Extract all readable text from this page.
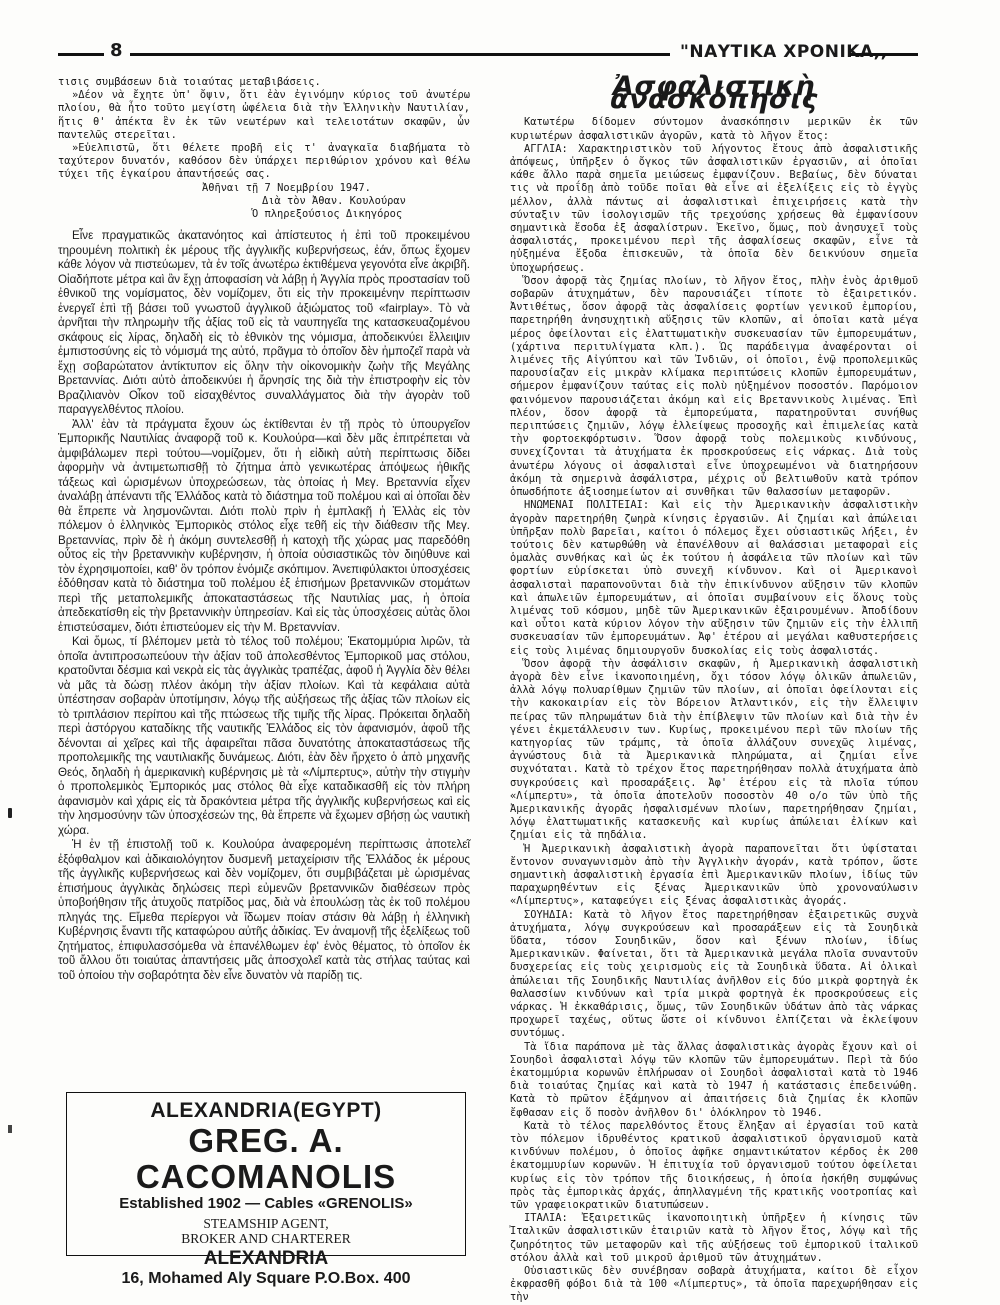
8	"ΝΑΥΤΙΚΑ ΧΡΟΝΙΚΑ,,

τισις συμβάσεων διὰ τοιαύτας μεταβιβάσεις.

»Δέον νὰ ἔχητε ὑπ' ὄψιν, ὅτι ἐὰν ἐγινόμην κύριος τοῦ ἀνωτέρω πλοίου, θὰ ἦτο τοῦτο μεγίστη ὠφέλεια διὰ τὴν Ἑλληνικὴν Ναυτιλίαν, ἥτις θ' ἀπέκτα ἓν ἐκ τῶν νεωτέρων καὶ τελειοτάτων σκαφῶν, ὧν παντελῶς στερεῖται.

»Εὐελπιστῶ, ὅτι θέλετε προβῆ εἰς τ' ἀναγκαῖα διαβήματα τὸ ταχύτερον δυνατόν, καθόσον δὲν ὑπάρχει περιθώριον χρόνου καὶ θέλω τύχει τῆς ἐγκαίρου ἀπαντήσεώς σας.

Ἀθῆναι τῇ 7 Νοεμβρίου 1947.

Διὰ τὸν Ἀθαν. Κουλούραν

Ὁ πληρεξούσιος Δικηγόρος

Εἶνε πραγματικῶς ἀκατανόητος καὶ ἀπίστευτος ἡ ἐπὶ τοῦ προκειμένου τηρουμένη πολιτικὴ ἐκ μέρους τῆς ἀγγλικῆς κυβερνήσεως, ἐάν, ὅπως ἔχομεν κάθε λόγον νὰ πιστεύωμεν, τὰ ἐν τοῖς ἀνωτέρω ἐκτιθέμενα γεγονότα εἶνε ἀκριβῆ. Οἱαδήποτε μέτρα καὶ ἂν ἔχῃ ἀποφασίση νὰ λάβῃ ἡ Ἀγγλία πρὸς προστασίαν τοῦ ἐθνικοῦ της νομίσματος, δὲν νομίζομεν, ὅτι εἰς τὴν προκειμένην περίπτωσιν ἐνεργεῖ ἐπὶ τῇ βάσει τοῦ γνωστοῦ ἀγγλικοῦ ἀξιώματος τοῦ «fairplay». Τὸ νὰ ἀρνῆται τὴν πληρωμὴν τῆς ἀξίας τοῦ εἰς τὰ ναυπηγεῖα της κατασκευαζομένου σκάφους εἰς λίρας, δηλαδὴ εἰς τὸ ἐθνικὸν της νόμισμα, ἀποδεικνύει ἔλλειψιν ἐμπιστοσύνης εἰς τὸ νόμισμά της αὐτό, πρᾶγμα τὸ ὁποῖον δὲν ἠμποζεῖ παρὰ νὰ ἔχῃ σοβαρώτατον ἀντίκτυπον εἰς ὅλην τὴν οἰκονομικὴν ζωὴν τῆς Μεγάλης Βρεταννίας. Διότι αὐτὸ ἀποδεικνύει ἡ ἄρνησίς της διὰ τὴν ἐπιστροφὴν εἰς τὸν Βραζιλιανὸν Οἶκον τοῦ εἰσαχθέντος συναλλάγματος διὰ τὴν ἀγορὰν τοῦ παραγγελθέντος πλοίου.

Ἀλλ' ἐὰν τὰ πράγματα ἔχουν ὡς ἐκτίθενται ἐν τῇ πρὸς τὸ ὑπουργεῖον Ἐμπορικῆς Ναυτιλίας ἀναφορᾷ τοῦ κ. Κουλούρα—καὶ δὲν μᾶς ἐπιτρέπεται νὰ ἀμφιβάλωμεν περὶ τούτου—νομίζομεν, ὅτι ἡ εἰδικὴ αὐτὴ περίπτωσις δίδει ἀφορμὴν νὰ ἀντιμετωπισθῇ τὸ ζήτημα ἀπὸ γενικωτέρας ἀπόψεως ἠθικῆς τάξεως καὶ ὡρισμένων ὑποχρεώσεων, τὰς ὁποίας ἡ Μεγ. Βρεταννία εἶχεν ἀναλάβῃ ἀπέναντι τῆς Ἑλλάδος κατὰ τὸ διάστημα τοῦ πολέμου καὶ αἱ ὁποῖαι δὲν θὰ ἔπρεπε νὰ λησμονῶνται. Διότι πολὺ πρὶν ἡ ἐμπλακῇ ἡ Ἑλλὰς εἰς τὸν πόλεμον ὁ ἑλληνικὸς Ἐμπορικὸς στόλος εἶχε τεθῆ εἰς τὴν διάθεσιν τῆς Μεγ. Βρεταννίας, πρὶν δὲ ἡ ἀκόμη συντελεσθῇ ἡ κατοχὴ τῆς χώρας μας παρεδόθη οὗτος εἰς τὴν βρεταννικὴν κυβέρνησιν, ἡ ὁποία οὐσιαστικῶς τὸν διηύθυνε καὶ τὸν ἐχρησιμοποίει, καθ' ὃν τρόπον ἐνόμιζε σκόπιμον. Ἀνεπιφύλακτοι ὑποσχέσεις ἐδόθησαν κατὰ τὸ διάστημα τοῦ πολέμου ἐξ ἐπισήμων βρεταννικῶν στομάτων περὶ τῆς μεταπολεμικῆς ἀποκαταστάσεως τῆς Ναυτιλίας μας, ἡ ὁποία ἀπεδεκατίσθη εἰς τὴν βρεταννικὴν ὑπηρεσίαν. Καὶ εἰς τὰς ὑποσχέσεις αὐτὰς ὅλοι ἐπιστεύσαμεν, διότι ἐπιστεύομεν εἰς τὴν Μ. Βρεταννίαν.

Καὶ ὅμως, τί βλέπομεν μετὰ τὸ τέλος τοῦ πολέμου; Ἑκατομμύρια λιρῶν, τὰ ὁποῖα ἀντιπροσωπεύουν τὴν ἀξίαν τοῦ ἀπολεσθέντος Ἐμπορικοῦ μας στόλου, κρατοῦνται δέσμια καὶ νεκρὰ εἰς τὰς ἀγγλικὰς τραπέζας, ἀφοῦ ἡ Ἀγγλία δὲν θέλει νὰ μᾶς τὰ δώσῃ πλέον ἀκόμη τὴν ἀξίαν πλοίων. Καὶ τὰ κεφάλαια αὐτὰ ὑπέστησαν σοβαρὰν ὑποτίμησιν, λόγῳ τῆς αὐξήσεως τῆς ἀξίας τῶν πλοίων εἰς τὸ τριπλάσιον περίπου καὶ τῆς πτώσεως τῆς τιμῆς τῆς λίρας. Πρόκειται δηλαδὴ περὶ ἀστόργου καταδίκης τῆς ναυτικῆς Ἑλλάδος εἰς τὸν ἀφανισμόν, ἀφοῦ τῆς δένονται αἱ χεῖρες καὶ τῆς ἀφαιρεῖται πᾶσα δυνατότης ἀποκαταστάσεως τῆς προπολεμικῆς της ναυτιλιακῆς δυνάμεως. Διότι, ἐὰν δὲν ἤρχετο ὁ ἀπὸ μηχανῆς Θεός, δηλαδὴ ἡ ἀμερικανικὴ κυβέρνησις μὲ τὰ «Λίμπερτυς», αὐτὴν τὴν στιγμὴν ὁ προπολεμικὸς Ἐμπορικός μας στόλος θὰ εἶχε καταδικασθῆ εἰς τὸν πλήρη ἀφανισμὸν καὶ χάρις εἰς τὰ δρακόντεια μέτρα τῆς ἀγγλικῆς κυβερνήσεως καὶ εἰς τὴν λησμοσύνην τῶν ὑποσχέσεών της, θὰ ἔπρεπε νὰ ἔχωμεν σβήσῃ ὡς ναυτικὴ χώρα.

Ἡ ἐν τῇ ἐπιστολῇ τοῦ κ. Κουλούρα ἀναφερομένη περίπτωσις ἀποτελεῖ ἐξόφθαλμον καὶ ἀδικαιολόγητον δυσμενῆ μεταχείρισιν τῆς Ἑλλάδος ἐκ μέρους τῆς ἀγγλικῆς κυβερνήσεως καὶ δὲν νομίζομεν, ὅτι συμβιβάζεται μὲ ὡρισμένας ἐπισήμους ἀγγλικὰς δηλώσεις περὶ εὐμενῶν βρεταννικῶν διαθέσεων πρὸς ὑποβοήθησιν τῆς ἀτυχοῦς πατρίδος μας, διὰ νὰ ἐπουλώσῃ τὰς ἐκ τοῦ πολέμου πληγάς της. Εἴμεθα περίεργοι νὰ ἴδωμεν ποίαν στάσιν θὰ λάβῃ ἡ ἑλληνικὴ Κυβέρνησις ἔναντι τῆς καταφώρου αὐτῆς ἀδικίας. Ἐν ἀναμονῇ τῆς ἐξελίξεως τοῦ ζητήματος, ἐπιφυλασσόμεθα νὰ ἐπανέλθωμεν ἐφ' ἑνὸς θέματος, τὸ ὁποῖον ἐκ τοῦ ἄλλου ὅτι τοιαύτας ἀπαντήσεις μᾶς ἀποσχολεῖ κατὰ τὰς στήλας ταύτας καὶ τοῦ ὁποίου τὴν σοβαρότητα δὲν εἶνε δυνατὸν νὰ παρίδῃ τις.

ALEXANDRIA(EGYPT)
GREG. A. CACOMANOLIS
Established 1902 — Cables «GRENOLIS»
STEAMSHIP AGENT,
BROKER AND CHARTERER
ALEXANDRIA
16, Mohamed Aly Square P.O.Box. 400
Ἀσφαλιστικὴ ἀνασκόπησις

Κατωτέρω δίδομεν σύντομον ἀνασκόπησιν μερικῶν ἐκ τῶν κυριωτέρων ἀσφαλιστικῶν ἀγορῶν, κατὰ τὸ λῆγον ἔτος:

ΑΓΓΛΙΑ: Χαρακτηριστικὸν τοῦ λήγοντος ἔτους ἀπὸ ἀσφαλιστικῆς ἀπόψεως, ὑπῆρξεν ὁ ὄγκος τῶν ἀσφαλιστικῶν ἐργασιῶν, αἱ ὁποῖαι κάθε ἄλλο παρὰ σημεῖα μειώσεως ἐμφανίζουν. Βεβαίως, δὲν δύναται τις νὰ προΐδῃ ἀπὸ τοῦδε ποῖαι θὰ εἶνε αἱ ἐξελίξεις εἰς τὸ ἐγγὺς μέλλον, ἀλλὰ πάντως αἱ ἀσφαλιστικαὶ ἐπιχειρήσεις κατὰ τὴν σύνταξιν τῶν ἰσολογισμῶν τῆς τρεχούσης χρήσεως θὰ ἐμφανίσουν σημαντικὰ ἔσοδα ἐξ ἀσφαλίστρων. Ἐκεῖνο, ὅμως, ποὺ ἀνησυχεῖ τοὺς ἀσφαλιστάς, προκειμένου περὶ τῆς ἀσφαλίσεως σκαφῶν, εἶνε τὰ ηὐξημένα ἔξοδα ἐπισκευῶν, τὰ ὁποῖα δὲν δεικνύουν σημεῖα ὑποχωρήσεως.

Ὅσον ἀφορᾷ τὰς ζημίας πλοίων, τὸ λῆγον ἔτος, πλὴν ἑνὸς ἀριθμοῦ σοβαρῶν ἀτυχημάτων, δὲν παρουσιάζει τίποτε τὸ ἐξαιρετικόν. Ἀντιθέτως, ὅσον ἀφορᾷ τὰς ἀσφαλίσεις φορτίων γενικοῦ ἐμπορίου, παρετηρήθη ἀνησυχητικὴ αὔξησις τῶν κλοπῶν, αἱ ὁποῖαι κατὰ μέγα μέρος ὀφείλονται εἰς ἐλαττωματικὴν συσκευασίαν τῶν ἐμπορευμάτων, (χάρτινα περιτυλίγματα κλπ.). Ὡς παράδειγμα ἀναφέρονται οἱ λιμένες τῆς Αἰγύπτου καὶ τῶν Ἰνδιῶν, οἱ ὁποῖοι, ἐνῷ προπολεμικῶς παρουσίαζαν εἰς μικρὰν κλίμακα περιπτώσεις κλοπῶν ἐμπορευμάτων, σήμερον ἐμφανίζουν ταύτας εἰς πολὺ ηὐξημένον ποσοστόν. Παρόμοιον φαινόμενον παρουσιάζεται ἀκόμη καὶ εἰς Βρεταννικοὺς λιμένας. Ἐπὶ πλέον, ὅσον ἀφορᾷ τὰ ἐμπορεύματα, παρατηροῦνται συνήθως περιπτώσεις ζημιῶν, λόγῳ ἐλλείψεως προσοχῆς καὶ ἐπιμελείας κατὰ τὴν φορτοεκφόρτωσιν. Ὅσον ἀφορᾷ τοὺς πολεμικοὺς κινδύνους, συνεχίζονται τὰ ἀτυχήματα ἐκ προσκρούσεως εἰς νάρκας. Διὰ τοὺς ἀνωτέρω λόγους οἱ ἀσφαλισταὶ εἶνε ὑποχρεωμένοι νὰ διατηρήσουν ἀκόμη τὰ σημερινὰ ἀσφάλιστρα, μέχρις οὗ βελτιωθοῦν κατὰ τρόπον ὁπωσδήποτε ἀξιοσημείωτον αἱ συνθῆκαι τῶν θαλασσίων μεταφορῶν.

ΗΝΩΜΕΝΑΙ ΠΟΛΙΤΕΙΑΙ: Καὶ εἰς τὴν Ἀμερικανικὴν ἀσφαλιστικὴν ἀγορὰν παρετηρήθη ζωηρὰ κίνησις ἐργασιῶν. Αἱ ζημίαι καὶ ἀπώλειαι ὑπῆρξαν πολὺ βαρεῖαι, καίτοι ὁ πόλεμος ἔχει οὐσιαστικῶς λήξει, ἐν τούτοις δὲν κατωρθώθη νὰ ἐπανέλθουν αἱ θαλάσσιαι μεταφοραὶ εἰς ὁμαλὰς συνθήκας καὶ ὡς ἐκ τούτου ἡ ἀσφάλεια τῶν πλοίων καὶ τῶν φορτίων εὑρίσκεται ὑπὸ συνεχῆ κίνδυνον. Καὶ οἱ Ἀμερικανοὶ ἀσφαλισταὶ παραπονοῦνται διὰ τὴν ἐπικίνδυνον αὔξησιν τῶν κλοπῶν καὶ ἀπωλειῶν ἐμπορευμάτων, αἱ ὁποῖαι συμβαίνουν εἰς ὅλους τοὺς λιμένας τοῦ κόσμου, μηδὲ τῶν Ἀμερικανικῶν ἐξαιρουμένων. Ἀποδίδουν καὶ οὗτοι κατὰ κύριον λόγον τὴν αὔξησιν τῶν ζημιῶν εἰς τὴν ἐλλιπῆ συσκευασίαν τῶν ἐμπορευμάτων. Ἀφ' ἑτέρου αἱ μεγάλαι καθυστερήσεις εἰς τοὺς λιμένας δημιουργοῦν δυσκολίας εἰς τοὺς ἀσφαλιστάς.

Ὅσον ἀφορᾷ τὴν ἀσφάλισιν σκαφῶν, ἡ Ἀμερικανικὴ ἀσφαλιστικὴ ἀγορὰ δὲν εἶνε ἱκανοποιημένη, ὄχι τόσον λόγῳ ὁλικῶν ἀπωλειῶν, ἀλλὰ λόγῳ πολυαρίθμων ζημιῶν τῶν πλοίων, αἱ ὁποῖαι ὀφείλονται εἰς τὴν κακοκαιρίαν εἰς τὸν Βόρειον Ἀτλαντικόν, εἰς τὴν ἔλλειψιν πείρας τῶν πληρωμάτων διὰ τὴν ἐπίβλεψιν τῶν πλοίων καὶ διὰ τὴν ἐν γένει ἐκμετάλλευσιν των. Κυρίως, προκειμένου περὶ τῶν πλοίων τῆς κατηγορίας τῶν τράμπς, τὰ ὁποῖα ἀλλάζουν συνεχῶς λιμένας, ἀγνώστους διὰ τὰ Ἀμερικανικὰ πληρώματα, αἱ ζημίαι εἶνε συχνόταται. Κατὰ τὸ τρέχον ἔτος παρετηρήθησαν πολλὰ ἀτυχήματα ἀπὸ συγκρούσεις καὶ προσαράξεις. Ἀφ' ἑτέρου εἰς τὰ πλοῖα τύπου «Λίμπερτυ», τὰ ὁποῖα ἀποτελοῦν ποσοστὸν 40 ο/ο τῶν ὑπὸ τῆς Ἀμερικανικῆς ἀγορᾶς ἠσφαλισμένων πλοίων, παρετηρήθησαν ζημίαι, λόγῳ ἐλαττωματικῆς κατασκευῆς καὶ κυρίως ἀπώλειαι ἐλίκων καὶ ζημίαι εἰς τὰ πηδάλια.

Ἡ Ἀμερικανικὴ ἀσφαλιστικὴ ἀγορὰ παραπονεῖται ὅτι ὑφίσταται ἔντονον συναγωνισμὸν ἀπὸ τὴν Ἀγγλικὴν ἀγοράν, κατὰ τρόπον, ὥστε σημαντικὴ ἀσφαλιστικὴ ἐργασία ἐπὶ Ἀμερικανικῶν πλοίων, ἰδίως τῶν παραχωρηθέντων εἰς ξένας Ἀμερικανικῶν ὑπὸ χρονοναύλωσιν «Λίμπερτυς», καταφεύγει εἰς ξένας ἀσφαλιστικὰς ἀγοράς.

ΣΟΥΗΔΙΑ: Κατὰ τὸ λῆγον ἔτος παρετηρήθησαν ἐξαιρετικῶς συχνὰ ἀτυχήματα, λόγῳ συγκρούσεων καὶ προσαράξεων εἰς τὰ Σουηδικὰ ὕδατα, τόσον Σουηδικῶν, ὅσον καὶ ξένων πλοίων, ἰδίως Ἀμερικανικῶν. Φαίνεται, ὅτι τὰ Ἀμερικανικὰ μεγάλα πλοῖα συναντοῦν δυσχερείας εἰς τοὺς χειρισμοὺς εἰς τὰ Σουηδικὰ ὕδατα. Αἱ ὁλικαὶ ἀπώλειαι τῆς Σουηδικῆς Ναυτιλίας ἀνῆλθον εἰς δύο μικρὰ φορτηγὰ ἐκ θαλασσίων κινδύνων καὶ τρία μικρὰ φορτηγὰ ἐκ προσκρούσεως εἰς νάρκας. Ἡ ἐκκαθάρισις, ὅμως, τῶν Σουηδικῶν ὑδάτων ἀπὸ τὰς νάρκας προχωρεῖ ταχέως, οὕτως ὥστε οἱ κίνδυνοι ἐλπίζεται νὰ ἐκλείψουν συντόμως.

Τὰ ἴδια παράπονα μὲ τὰς ἄλλας ἀσφαλιστικὰς ἀγορὰς ἔχουν καὶ οἱ Σουηδοὶ ἀσφαλισταὶ λόγῳ τῶν κλοπῶν τῶν ἐμπορευμάτων. Περὶ τὰ δύο ἑκατομμύρια κορωνῶν ἐπλήρωσαν οἱ Σουηδοὶ ἀσφαλισταὶ κατὰ τὸ 1946 διὰ τοιαύτας ζημίας καὶ κατὰ τὸ 1947 ἡ κατάστασις ἐπεδεινώθη. Κατὰ τὸ πρῶτον ἑξάμηνον αἱ ἀπαιτήσεις διὰ ζημίας ἐκ κλοπῶν ἔφθασαν εἰς ὅ ποσὸν ἀνῆλθον δι' ὁλόκληρον τὸ 1946.

Κατὰ τὸ τέλος παρελθόντος ἔτους ἔληξαν αἱ ἐργασίαι τοῦ κατὰ τὸν πόλεμον ἱδρυθέντος κρατικοῦ ἀσφαλιστικοῦ ὀργανισμοῦ κατὰ κινδύνων πολέμου, ὁ ὁποῖος ἀφῆκε σημαντικώτατον κέρδος ἐκ 200 ἑκατομμυρίων κορωνῶν. Ἡ ἐπιτυχία τοῦ ὀργανισμοῦ τούτου ὀφείλεται κυρίως εἰς τὸν τρόπον τῆς διοικήσεως, ἡ ὁποία ἠσκήθη συμφώνως πρὸς τὰς ἐμπορικὰς ἀρχάς, ἀπηλλαγμένη τῆς κρατικῆς νοοτροπίας καὶ τῶν γραφειοκρατικῶν διατυπώσεων.

ΙΤΑΛΙΑ: Ἐξαιρετικῶς ἱκανοποιητικὴ ὑπῆρξεν ἡ κίνησις τῶν Ἰταλικῶν ἀσφαλιστικῶν ἑταιριῶν κατὰ τὸ λῆγον ἔτος, λόγῳ καὶ τῆς ζωηρότητος τῶν μεταφορῶν καὶ τῆς αὐξήσεως τοῦ ἐμπορικοῦ ἰταλικοῦ στόλου ἀλλὰ καὶ τοῦ μικροῦ ἀριθμοῦ τῶν ἀτυχημάτων.

Οὐσιαστικῶς δὲν συνέβησαν σοβαρὰ ἀτυχήματα, καίτοι δὲ εἶχον ἐκφρασθῆ φόβοι διὰ τὰ 100 «Λίμπερτυς», τὰ ὁποῖα παρεχωρήθησαν εἰς τὴν
